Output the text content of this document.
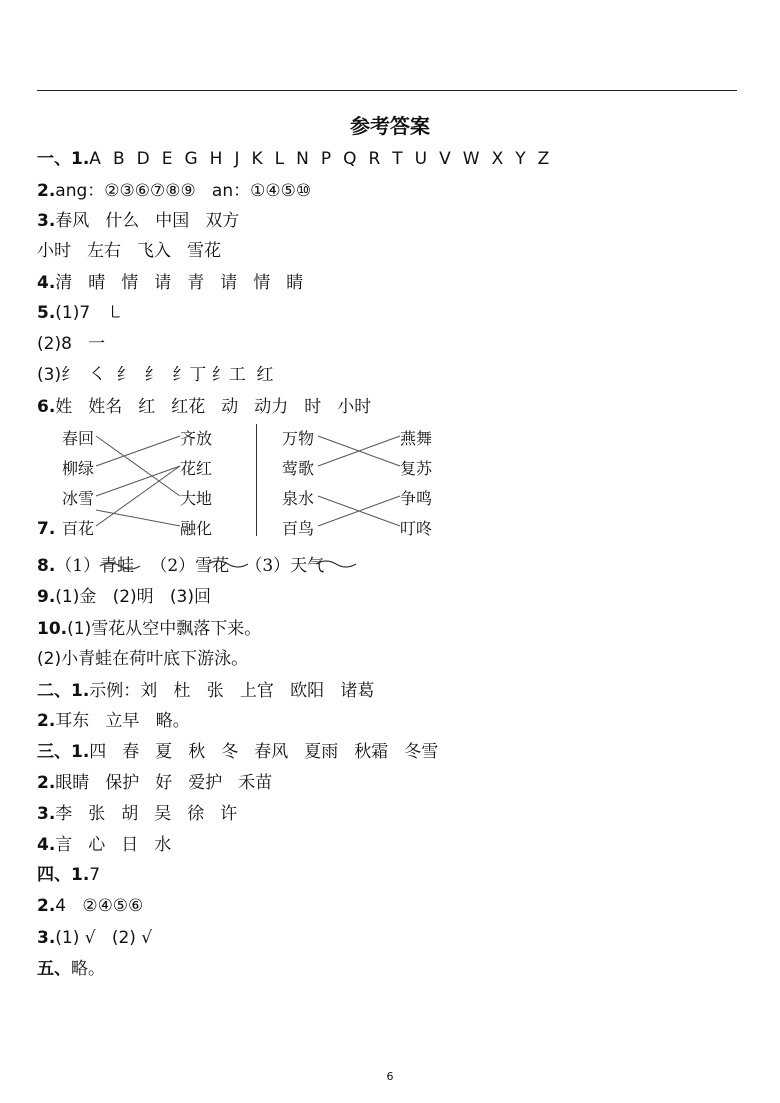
参考答案
一、1.A B D E G H J K L N P Q R T U V W X Y Z
2.ang：②③⑥⑦⑧⑨   an：①④⑤⑩
3.春风 什么 中国 双方
小时 左右 飞入 雪花
4.清 晴 情 请 青 请 情 睛
5.(1)7   ㇄
(2)8   一
(3)纟  ㇛  纟  纟  纟丁 纟工  红
6.姓 姓名 红 红花 动 动力 时 小时
7.
8.（1）青蛙   （2）雪花   （3）天气
9.(1)金   (2)明   (3)回
10.(1)雪花从空中飘落下来。
(2)小青蛙在荷叶底下游泳。
二、1.示例：刘   杜   张   上官   欧阳   诸葛
2.耳东   立早   略。
三、1.四 春 夏 秋 冬 春风 夏雨 秋霜 冬雪
2.眼睛 保护 好 爱护 禾苗
3.李 张 胡 吴 徐 许
4.言 心 日 水
四、1.7
2.4   ②④⑤⑥
3.(1) √   (2) √
五、略。
春回
柳绿
冰雪
百花
齐放
花红
大地
融化
万物
莺歌
泉水
百鸟
燕舞
复苏
争鸣
叮咚
6
